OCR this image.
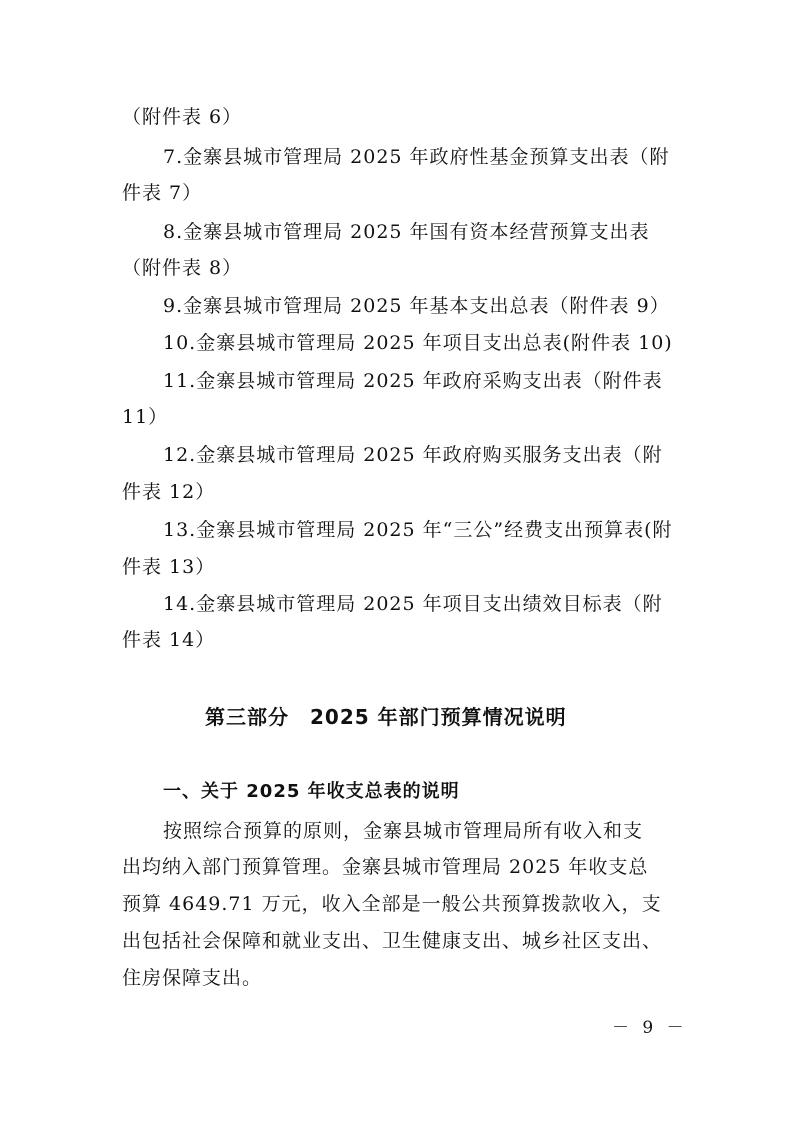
（附件表 6）

7.金寨县城市管理局 2025 年政府性基金预算支出表（附

件表 7）

8.金寨县城市管理局 2025 年国有资本经营预算支出表

（附件表 8）

9.金寨县城市管理局 2025 年基本支出总表（附件表 9）

10.金寨县城市管理局 2025 年项目支出总表(附件表 10)

11.金寨县城市管理局 2025 年政府采购支出表（附件表

11）

12.金寨县城市管理局 2025 年政府购买服务支出表（附

件表 12）

13.金寨县城市管理局 2025 年“三公”经费支出预算表(附

件表 13）

14.金寨县城市管理局 2025 年项目支出绩效目标表（附

件表 14）

第三部分　2025 年部门预算情况说明
一、关于 2025 年收支总表的说明

按照综合预算的原则，金寨县城市管理局所有收入和支

出均纳入部门预算管理。金寨县城市管理局 2025 年收支总

预算 4649.71 万元，收入全部是一般公共预算拨款收入，支

出包括社会保障和就业支出、卫生健康支出、城乡社区支出、

住房保障支出。

－ 9 －
